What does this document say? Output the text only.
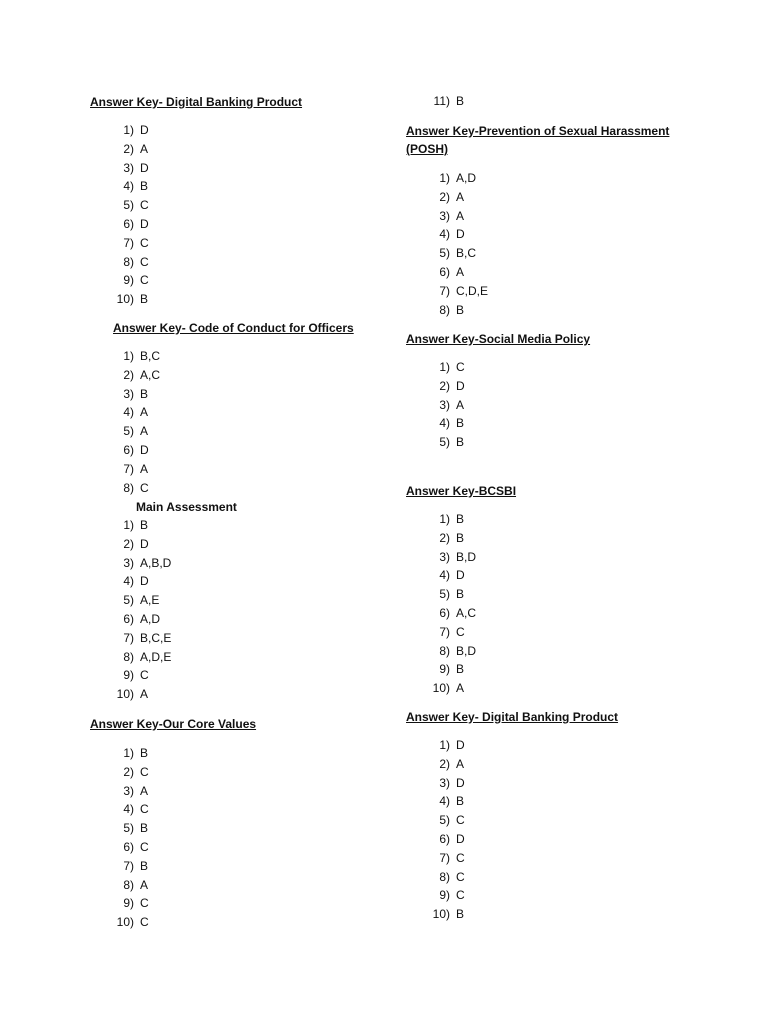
Answer Key- Digital Banking Product
1) D
2) A
3) D
4) B
5) C
6) D
7) C
8) C
9) C
10) B
Answer Key- Code of Conduct for Officers
1) B,C
2) A,C
3) B
4) A
5) A
6) D
7) A
8) C
Main Assessment
1) B
2) D
3) A,B,D
4) D
5) A,E
6) A,D
7) B,C,E
8) A,D,E
9) C
10) A
Answer Key-Our Core Values
1) B
2) C
3) A
4) C
5) B
6) C
7) B
8) A
9) C
10) C
11) B
Answer Key-Prevention of Sexual Harassment
(POSH)
1) A,D
2) A
3) A
4) D
5) B,C
6) A
7) C,D,E
8) B
Answer Key-Social Media Policy
1) C
2) D
3) A
4) B
5) B
Answer Key-BCSBI
1) B
2) B
3) B,D
4) D
5) B
6) A,C
7) C
8) B,D
9) B
10) A
Answer Key- Digital Banking Product
1) D
2) A
3) D
4) B
5) C
6) D
7) C
8) C
9) C
10) B
